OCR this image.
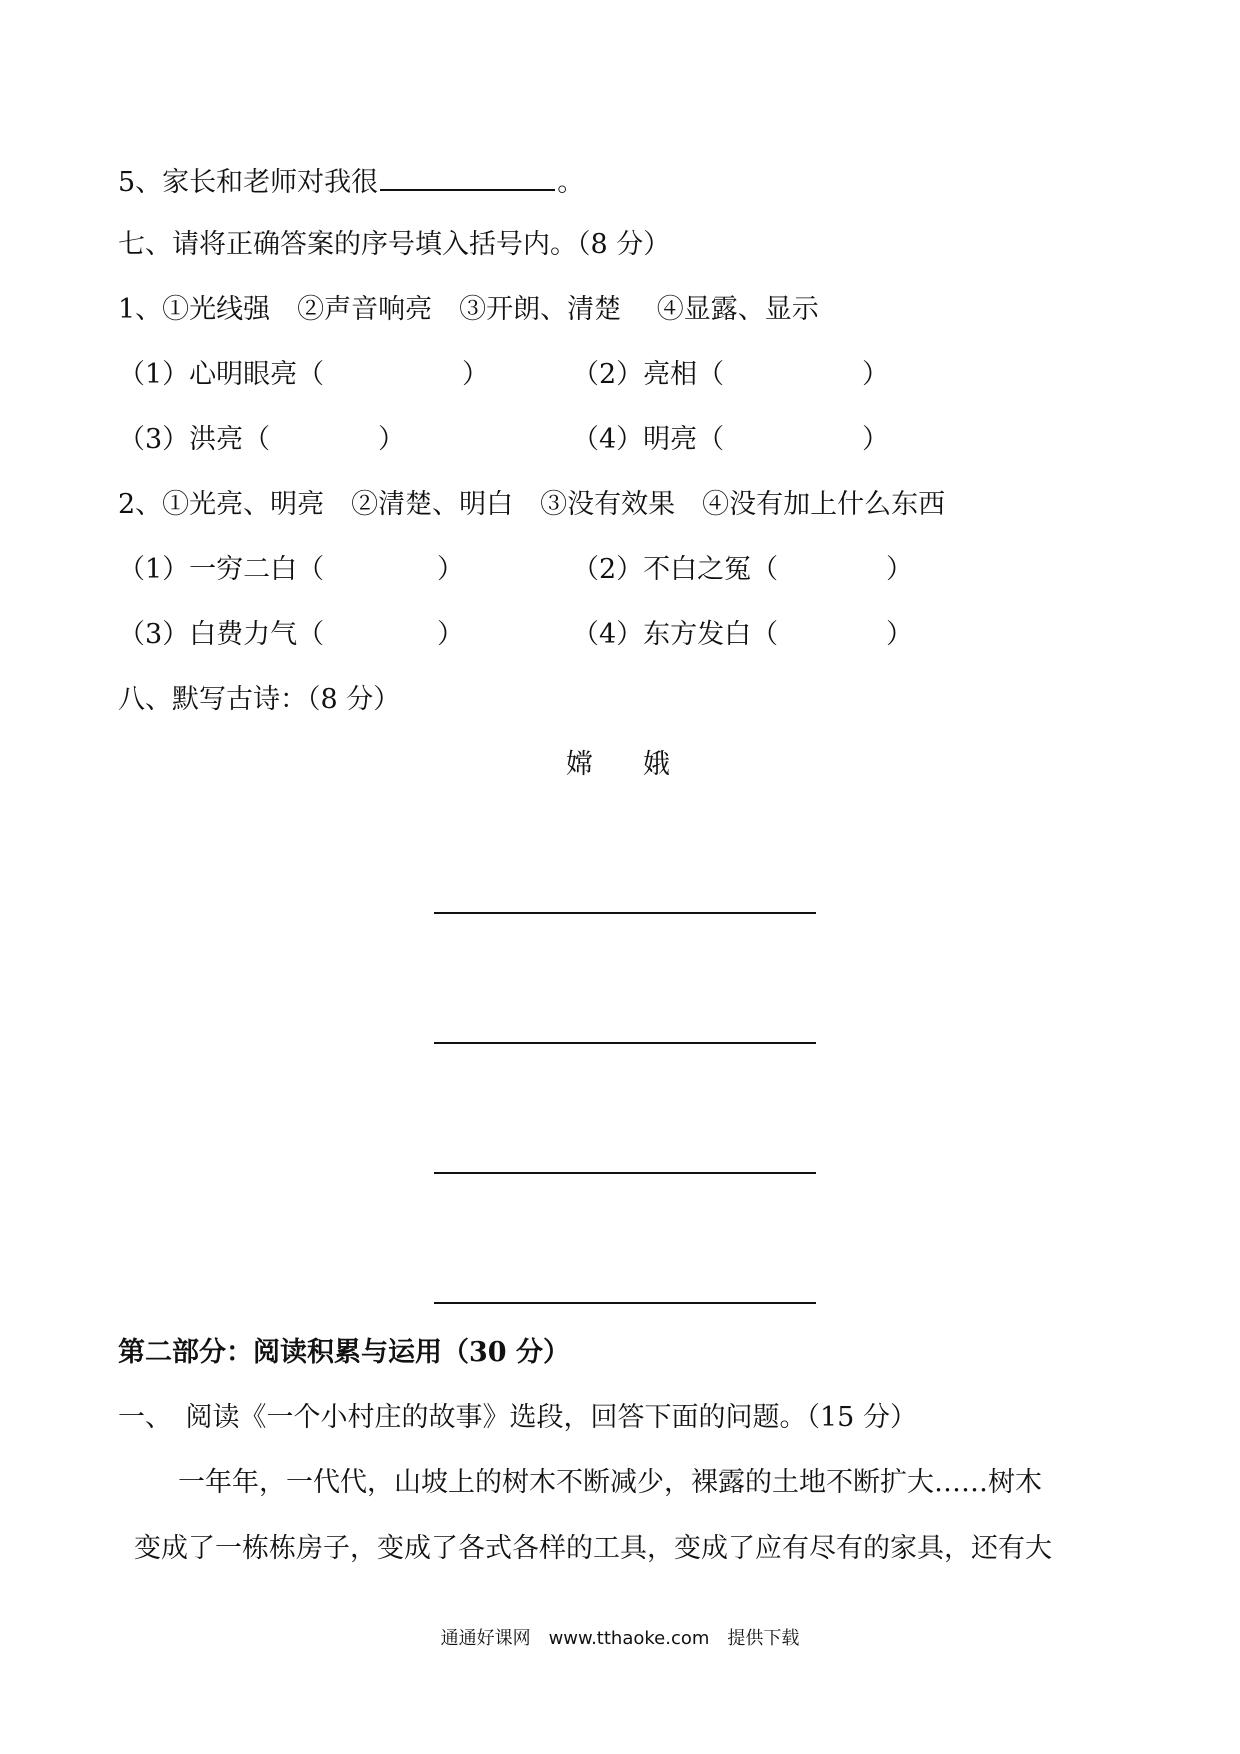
5、家长和老师对我很	。
七、请将正确答案的序号填入括号内。（8 分）
1、①光线强　②声音响亮　③开朗、清楚　 ④显露、显示
（1）心明眼亮（	）	（2）亮相（	）
（3）洪亮（	）	（4）明亮（	）
2、①光亮、明亮　②清楚、明白　③没有效果　④没有加上什么东西
（1）一穷二白（	）	（2）不白之冤（	）
（3）白费力气（	）	（4）东方发白（	）
八、默写古诗：（8 分）
嫦 娥
第二部分：阅读积累与运用（30 分）
一、　阅读《一个小村庄的故事》选段，回答下面的问题。（15 分）
一年年，一代代，山坡上的树木不断减少，裸露的土地不断扩大……树木
变成了一栋栋房子，变成了各式各样的工具，变成了应有尽有的家具，还有大
通通好课网　www.tthaoke.com　提供下载
